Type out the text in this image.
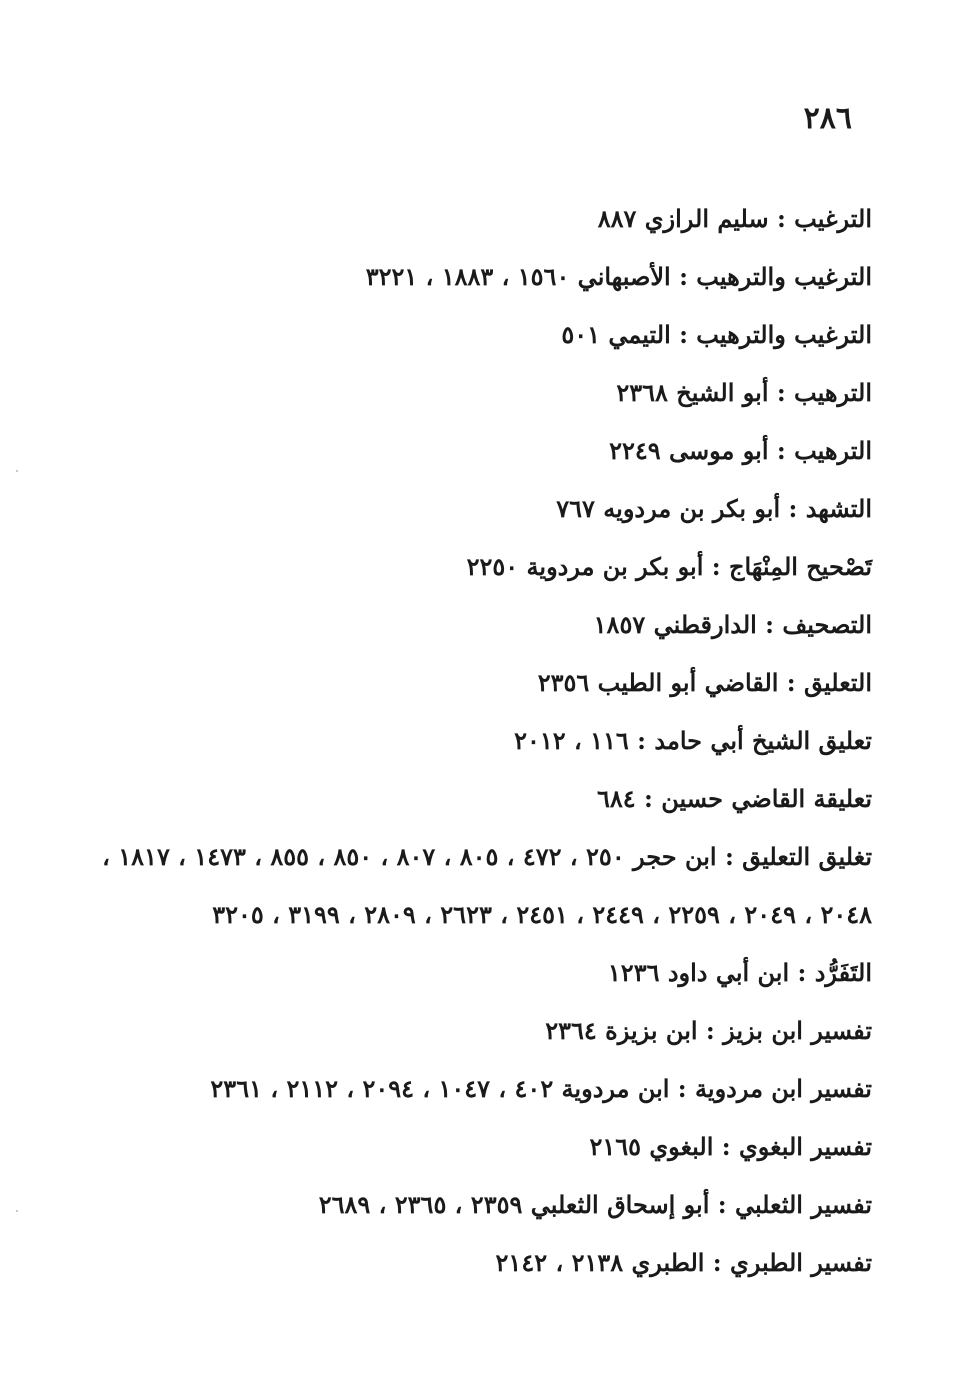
٢٨٦
الترغيب : سليم الرازي ٨٨٧
الترغيب والترهيب : الأصبهاني ١٥٦٠ ، ١٨٨٣ ، ٣٢٢١
الترغيب والترهيب : التيمي ٥٠١
الترهيب : أبو الشيخ ٢٣٦٨
الترهيب : أبو موسى ٢٢٤٩
التشهد : أبو بكر بن مردويه ٧٦٧
تَصْحيح المِنْهَاج : أبو بكر بن مردوية ٢٢٥٠
التصحيف : الدارقطني ١٨٥٧
التعليق : القاضي أبو الطيب ٢٣٥٦
تعليق الشيخ أبي حامد : ١١٦ ، ٢٠١٢
تعليقة القاضي حسين : ٦٨٤
تغليق التعليق : ابن حجر ٢٥٠ ، ٤٧٢ ، ٨٠٥ ، ٨٠٧ ، ٨٥٠ ، ٨٥٥ ، ١٤٧٣ ، ١٨١٧ ، ٢٠٤٨ ، ٢٠٤٩ ، ٢٢٥٩ ، ٢٤٤٩ ، ٢٤٥١ ، ٢٦٢٣ ، ٢٨٠٩ ، ٣١٩٩ ، ٣٢٠٥
التَفَرُّد : ابن أبي داود ١٢٣٦
تفسير ابن بزيز : ابن بزيزة ٢٣٦٤
تفسير ابن مردوية : ابن مردوية ٤٠٢ ، ١٠٤٧ ، ٢٠٩٤ ، ٢١١٢ ، ٢٣٦١
تفسير البغوي : البغوي ٢١٦٥
تفسير الثعلبي : أبو إسحاق الثعلبي ٢٣٥٩ ، ٢٣٦٥ ، ٢٦٨٩
تفسير الطبري : الطبري ٢١٣٨ ، ٢١٤٢
